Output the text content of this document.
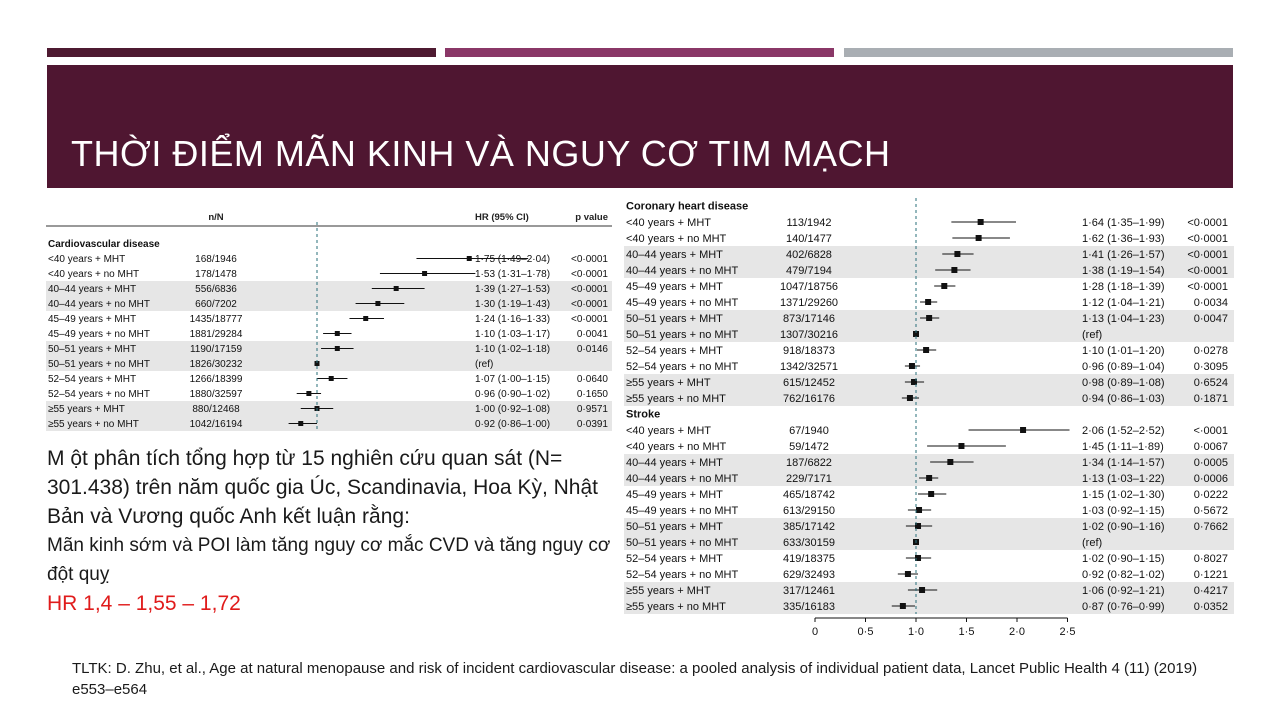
THỜI ĐIỂM MÃN KINH VÀ NGUY CƠ TIM MẠCH
n/N	HR (95% CI)	p value
Cardiovascular disease
<40 years + MHT	168/1946	1·75 (1·49–2·04) <0·0001
<40 years + no MHT	178/1478	1·53 (1·31–1·78) <0·0001
40–44 years + MHT	556/6836	1·39 (1·27–1·53) <0·0001
40–44 years + no MHT	660/7202	1·30 (1·19–1·43) <0·0001
45–49 years + MHT	1435/18777	1·24 (1·16–1·33) <0·0001
45–49 years + no MHT	1881/29284	1·10 (1·03–1·17)	0·0041
50–51 years + MHT	1190/17159	1·10 (1·02–1·18)	0·0146
50–51 years + no MHT	1826/30232	(ref)
52–54 years + MHT	1266/18399	1·07 (1·00–1·15)	0·0640
52–54 years + no MHT	1880/32597	0·96 (0·90–1·02)	0·1650
≥55 years + MHT	880/12468	1·00 (0·92–1·08)	0·9571
≥55 years + no MHT	1042/16194	0·92 (0·86–1·00)	0·0391
Coronary heart disease
<40 years + MHT	113/1942	1·64 (1·35–1·99) <0·0001
<40 years + no MHT	140/1477	1·62 (1·36–1·93) <0·0001
40–44 years + MHT	402/6828	1·41 (1·26–1·57) <0·0001
40–44 years + no MHT	479/7194	1·38 (1·19–1·54) <0·0001
45–49 years + MHT	1047/18756	1·28 (1·18–1·39) <0·0001
45–49 years + no MHT	1371/29260	1·12 (1·04–1·21)	0·0034
50–51 years + MHT	873/17146	1·13 (1·04–1·23)	0·0047
50–51 years + no MHT	1307/30216	(ref)
52–54 years + MHT	918/18373	1·10 (1·01–1·20)	0·0278
52–54 years + no MHT	1342/32571	0·96 (0·89–1·04)	0·3095
≥55 years + MHT	615/12452	0·98 (0·89–1·08)	0·6524
≥55 years + no MHT	762/16176	0·94 (0·86–1·03)	0·1871
Stroke
<40 years + MHT	67/1940	2·06 (1·52–2·52)	<·0001
<40 years + no MHT	59/1472	1·45 (1·11–1·89)	0·0067
40–44 years + MHT	187/6822	1·34 (1·14–1·57)	0·0005
40–44 years + no MHT	229/7171	1·13 (1·03–1·22)	0·0006
45–49 years + MHT	465/18742	1·15 (1·02–1·30)	0·0222
45–49 years + no MHT	613/29150	1·03 (0·92–1·15)	0·5672
50–51 years + MHT	385/17142	1·02 (0·90–1·16)	0·7662
50–51 years + no MHT	633/30159	(ref)
52–54 years + MHT	419/18375	1·02 (0·90–1·15)	0·8027
52–54 years + no MHT	629/32493	0·92 (0·82–1·02)	0·1221
≥55 years + MHT	317/12461	1·06 (0·92–1·21)	0·4217
≥55 years + no MHT	335/16183	0·87 (0·76–0·99)	0·0352
0	0·5	1·0	1·5	2·0	2·5

M ột phân tích tổng hợp từ 15 nghiên cứu quan sát (N= 301.438) trên năm quốc gia Úc, Scandinavia, Hoa Kỳ, Nhật Bản và Vương quốc Anh kết luận rằng:

Mãn kinh sớm và POI làm tăng nguy cơ mắc CVD và tăng nguy cơ đột quỵ

HR 1,4 – 1,55 – 1,72

TLTK: D. Zhu, et al., Age at natural menopause and risk of incident cardiovascular disease: a pooled analysis of individual patient data, Lancet Public Health 4 (11) (2019) e553–e564
